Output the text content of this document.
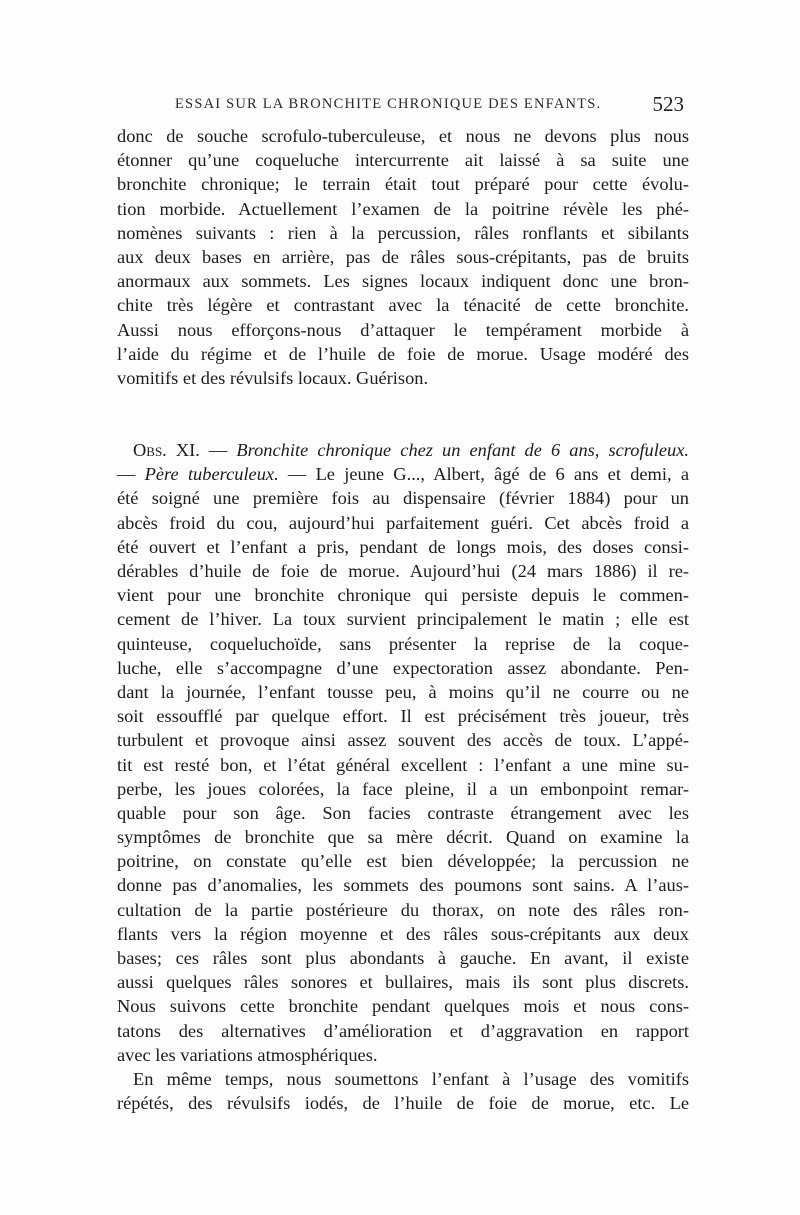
ESSAI SUR LA BRONCHITE CHRONIQUE DES ENFANTS. 523
donc de souche scrofulo-tuberculeuse, et nous ne devons plus nous
étonner qu’une coqueluche intercurrente ait laissé à sa suite une
bronchite chronique; le terrain était tout préparé pour cette évolu-
tion morbide. Actuellement l’examen de la poitrine révèle les phé-
nomènes suivants : rien à la percussion, râles ronflants et sibilants
aux deux bases en arrière, pas de râles sous-crépitants, pas de bruits
anormaux aux sommets. Les signes locaux indiquent donc une bron-
chite très légère et contrastant avec la ténacité de cette bronchite.
Aussi nous efforçons-nous d’attaquer le tempérament morbide à
l’aide du régime et de l’huile de foie de morue. Usage modéré des
vomitifs et des révulsifs locaux. Guérison.
Obs. XI. — Bronchite chronique chez un enfant de 6 ans, scrofuleux.
— Père tuberculeux. — Le jeune G..., Albert, âgé de 6 ans et demi, a
été soigné une première fois au dispensaire (février 1884) pour un
abcès froid du cou, aujourd’hui parfaitement guéri. Cet abcès froid a
été ouvert et l’enfant a pris, pendant de longs mois, des doses consi-
dérables d’huile de foie de morue. Aujourd’hui (24 mars 1886) il re-
vient pour une bronchite chronique qui persiste depuis le commen-
cement de l’hiver. La toux survient principalement le matin ; elle est
quinteuse, coqueluchoïde, sans présenter la reprise de la coque-
luche, elle s’accompagne d’une expectoration assez abondante. Pen-
dant la journée, l’enfant tousse peu, à moins qu’il ne courre ou ne
soit essoufflé par quelque effort. Il est précisément très joueur, très
turbulent et provoque ainsi assez souvent des accès de toux. L’appé-
tit est resté bon, et l’état général excellent : l’enfant a une mine su-
perbe, les joues colorées, la face pleine, il a un embonpoint remar-
quable pour son âge. Son facies contraste étrangement avec les
symptômes de bronchite que sa mère décrit. Quand on examine la
poitrine, on constate qu’elle est bien développée; la percussion ne
donne pas d’anomalies, les sommets des poumons sont sains. A l’aus-
cultation de la partie postérieure du thorax, on note des râles ron-
flants vers la région moyenne et des râles sous-crépitants aux deux
bases; ces râles sont plus abondants à gauche. En avant, il existe
aussi quelques râles sonores et bullaires, mais ils sont plus discrets.
Nous suivons cette bronchite pendant quelques mois et nous cons-
tatons des alternatives d’amélioration et d’aggravation en rapport
avec les variations atmosphériques.
En même temps, nous soumettons l’enfant à l’usage des vomitifs
répétés, des révulsifs iodés, de l’huile de foie de morue, etc. Le
